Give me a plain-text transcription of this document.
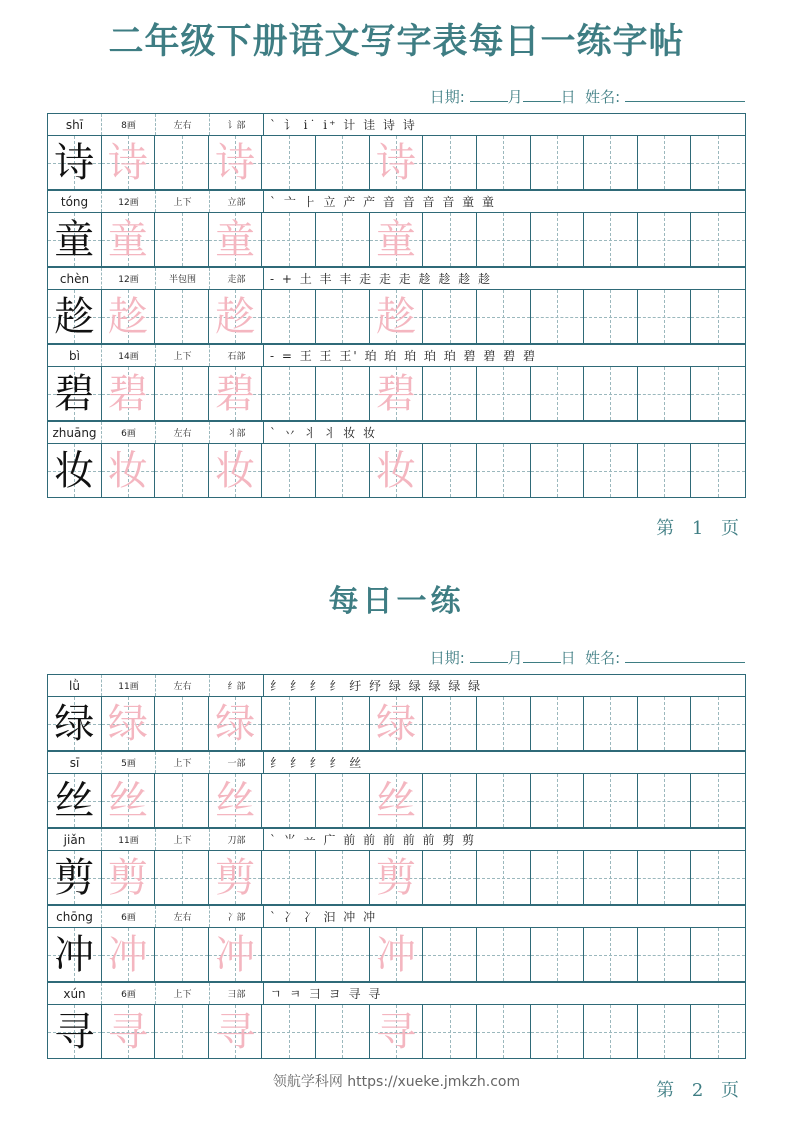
二年级下册语文写字表每日一练字帖
日期:	月	日 姓名:
shī	8画	左右	讠部	` 讠 i˙ i⁺ 计 诖 诗 诗
诗 诗 诗	诗
tóng	12画	上下	立部	` 亠 ⺊ 立 产 产 音 音 音 音 童 童
童 童 童	童
chèn	12画	半包围	走部	- + 土 丰 丰 走 走 走 趁 趁 趁 趁
趁 趁 趁	趁
bì	14画	上下	石部	- = 王 王 王' 珀 珀 珀 珀 珀 碧 碧 碧 碧
碧 碧 碧	碧
zhuāng	6画	左右	丬部	` 丷 丬 丬 妆 妆
妆 妆 妆	妆
第 1 页
每日一练
日期:	月	日 姓名:
lǜ	11画	左右	纟部	纟 纟 纟 纟 纡 纾 绿 绿 绿 绿 绿
绿 绿 绿	绿
sī	5画	上下	一部	纟 纟 纟 纟 丝
丝 丝 丝	丝
jiǎn	11画	上下	刀部	` ⺌ 䒑 广 前 前 前 前 前 剪 剪
剪 剪 剪	剪
chōng	6画	左右	冫部	` 冫 冫 汩 冲 冲
冲 冲 冲	冲
xún	6画	上下	彐部	ㄱ ㅋ 彐 ヨ 寻 寻
寻 寻 寻	寻
领航学科网 https://xueke.jmkzh.com	第 2 页
